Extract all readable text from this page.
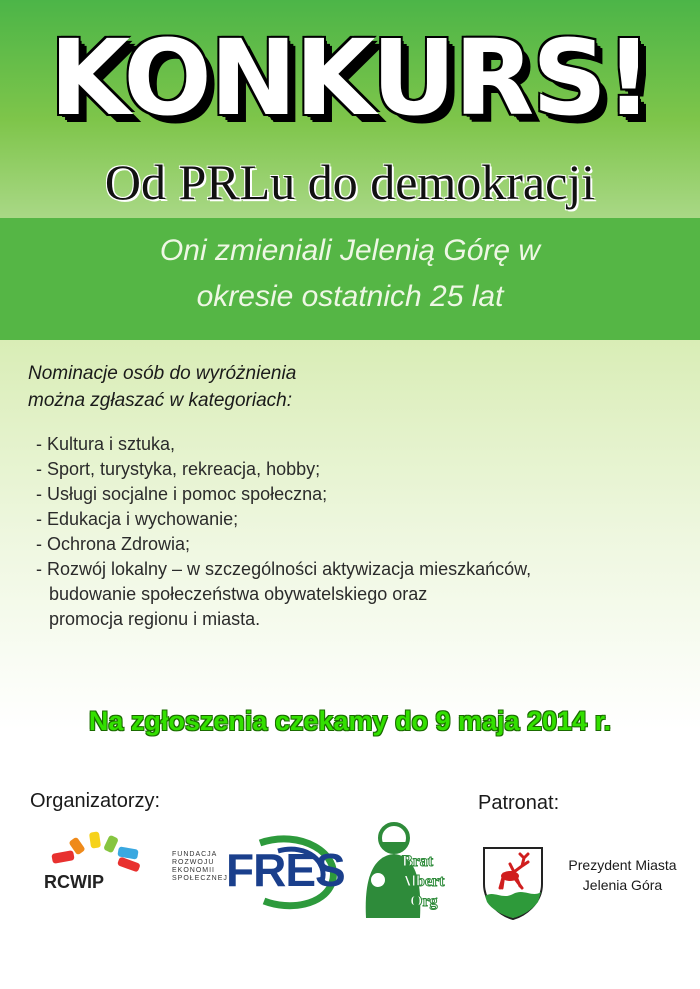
KONKURS!
Od PRLu do demokracji
Oni zmieniali Jelenią Górę w
okresie ostatnich 25 lat
Nominacje osób do wyróżnienia
można zgłaszać w kategoriach:
- Kultura i sztuka,
- Sport, turystyka, rekreacja, hobby;
- Usługi socjalne i pomoc społeczna;
- Edukacja i wychowanie;
- Ochrona Zdrowia;
- Rozwój lokalny – w szczególności aktywizacja mieszkańców,
budowanie społeczeństwa obywatelskiego oraz
promocja regionu i miasta.
Na zgłoszenia czekamy do 9 maja 2014 r.
Organizatorzy:	Patronat:
RCWIP
FUNDACJA
ROZWOJU
EKONOMII
SPOŁECZNEJ
FRES	Brat
Albert
Org
Prezydent Miasta
Jelenia Góra
